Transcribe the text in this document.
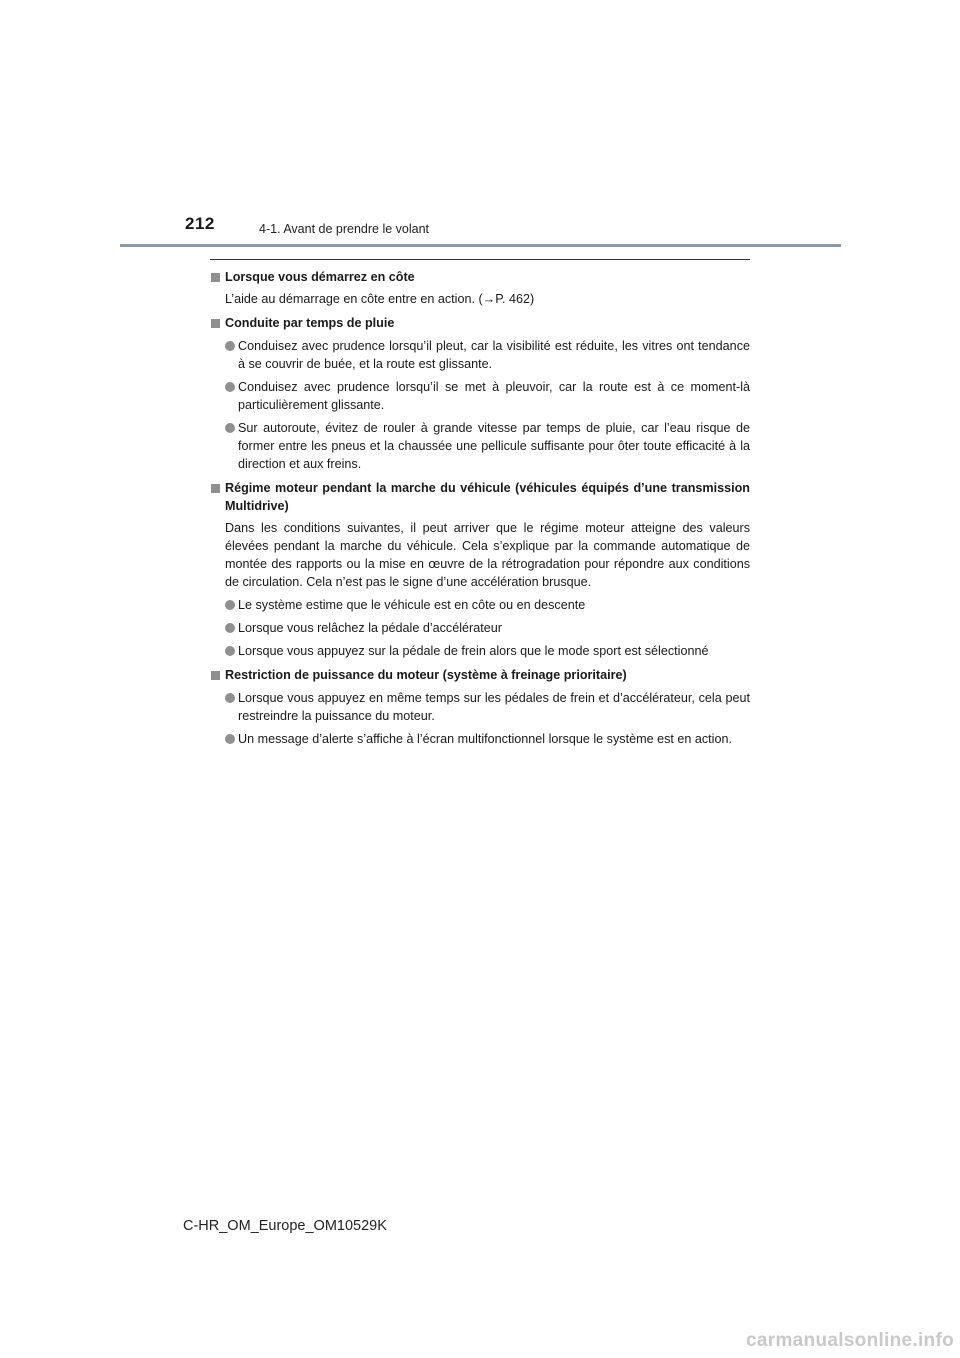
212	4-1. Avant de prendre le volant
Lorsque vous démarrez en côte
L’aide au démarrage en côte entre en action. (→P. 462)
Conduite par temps de pluie
Conduisez avec prudence lorsqu’il pleut, car la visibilité est réduite, les vitres ont tendance à se couvrir de buée, et la route est glissante.
Conduisez avec prudence lorsqu’il se met à pleuvoir, car la route est à ce moment-là particulièrement glissante.
Sur autoroute, évitez de rouler à grande vitesse par temps de pluie, car l’eau risque de former entre les pneus et la chaussée une pellicule suffisante pour ôter toute efficacité à la direction et aux freins.
Régime moteur pendant la marche du véhicule (véhicules équipés d’une transmission Multidrive)
Dans les conditions suivantes, il peut arriver que le régime moteur atteigne des valeurs élevées pendant la marche du véhicule. Cela s’explique par la commande automatique de montée des rapports ou la mise en œuvre de la rétrogradation pour répondre aux conditions de circulation. Cela n’est pas le signe d’une accélération brusque.
Le système estime que le véhicule est en côte ou en descente
Lorsque vous relâchez la pédale d’accélérateur
Lorsque vous appuyez sur la pédale de frein alors que le mode sport est sélectionné
Restriction de puissance du moteur (système à freinage prioritaire)
Lorsque vous appuyez en même temps sur les pédales de frein et d’accélérateur, cela peut restreindre la puissance du moteur.
Un message d’alerte s’affiche à l’écran multifonctionnel lorsque le système est en action.
C-HR_OM_Europe_OM10529K
carmanualsonline.info
